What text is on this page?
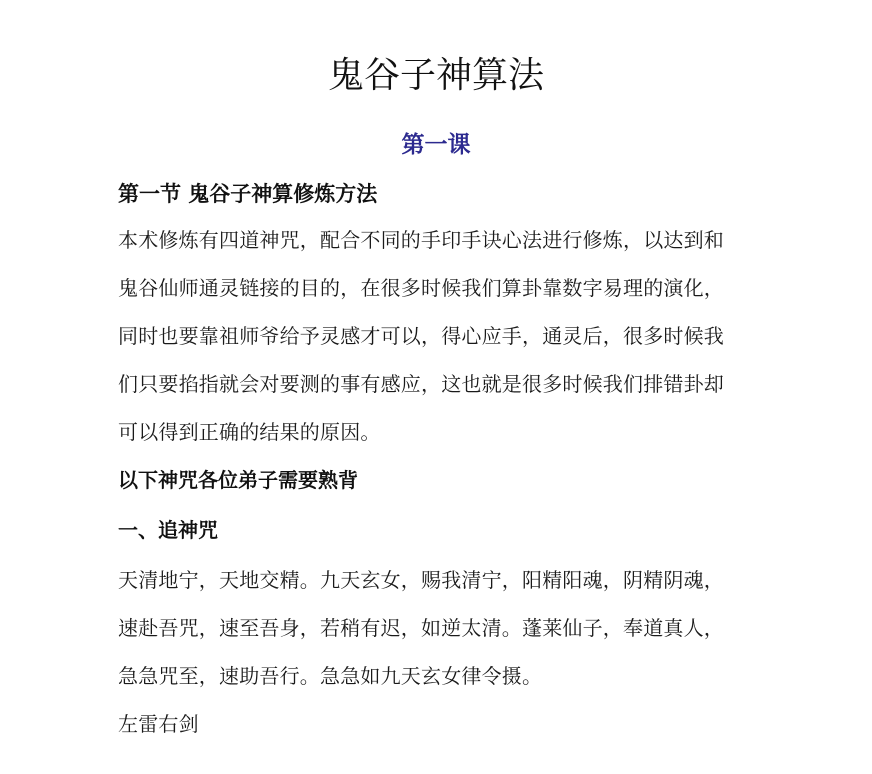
鬼谷子神算法
第一课
第一节 鬼谷子神算修炼方法
本术修炼有四道神咒，配合不同的手印手诀心法进行修炼，以达到和
鬼谷仙师通灵链接的目的，在很多时候我们算卦靠数字易理的演化，
同时也要靠祖师爷给予灵感才可以，得心应手，通灵后，很多时候我
们只要掐指就会对要测的事有感应，这也就是很多时候我们排错卦却
可以得到正确的结果的原因。
以下神咒各位弟子需要熟背
一、追神咒
天清地宁，天地交精。九天玄女，赐我清宁，阳精阳魂，阴精阴魂，
速赴吾咒，速至吾身，若稍有迟，如逆太清。蓬莱仙子，奉道真人，
急急咒至，速助吾行。急急如九天玄女律令摄。
左雷右剑
